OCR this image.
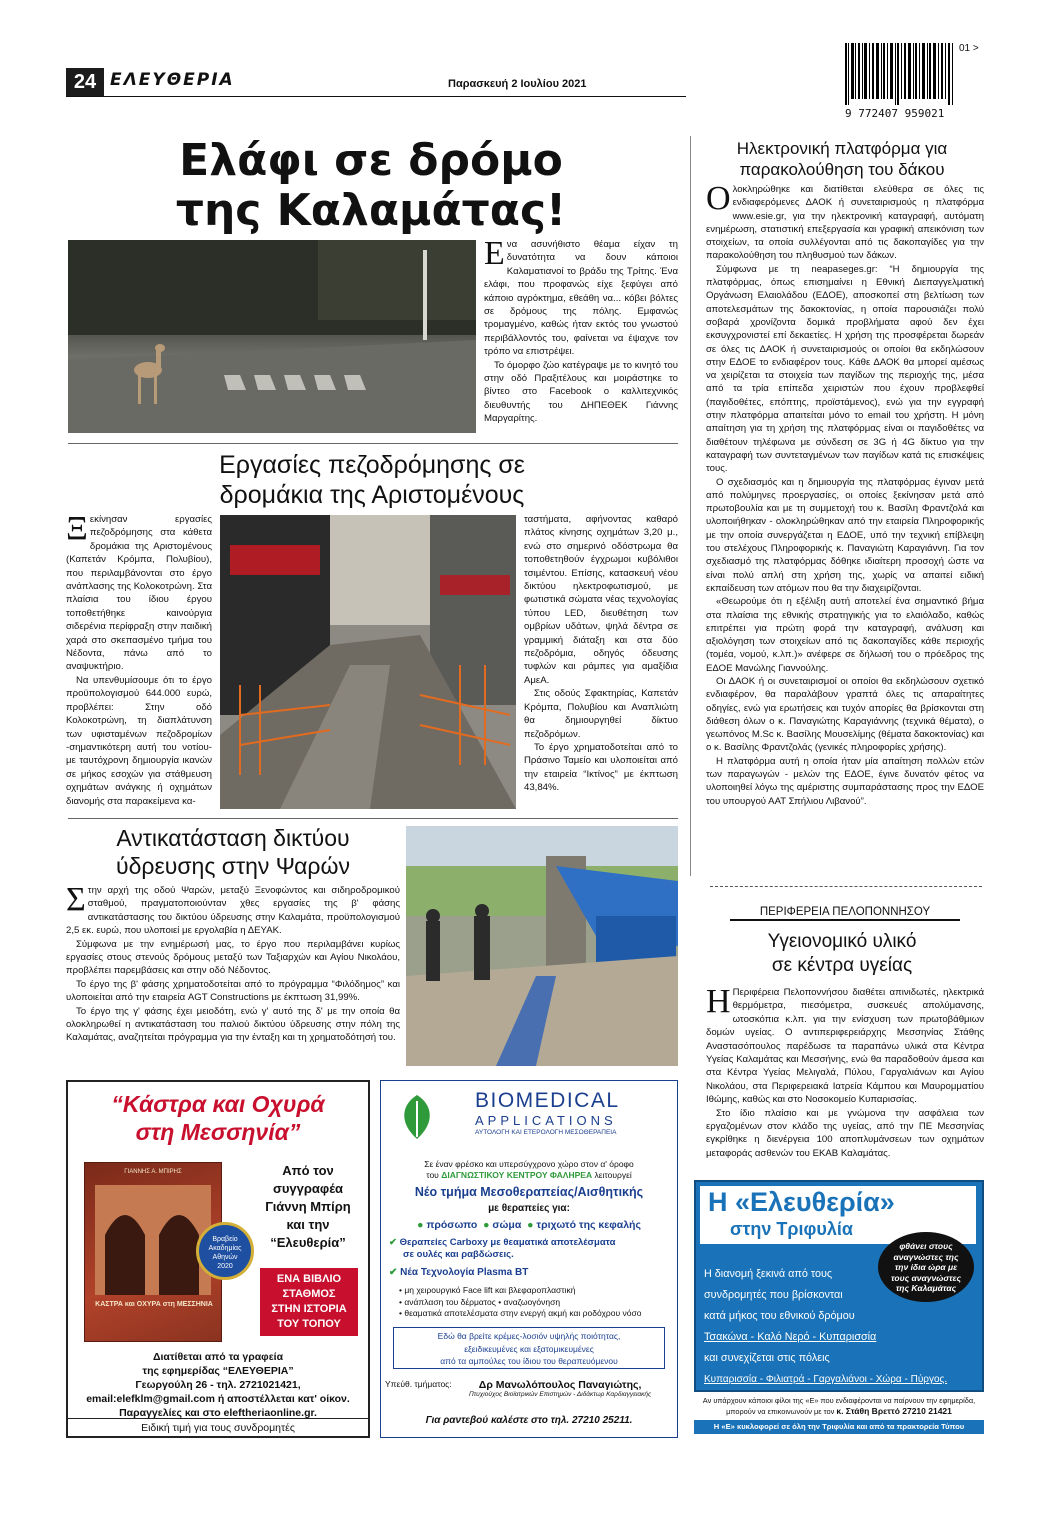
24 ΕΛΕΥΘΕΡΙΑ	Παρασκευή 2 Ιουλίου 2021
01 >
9 772407 959021
Ελάφι σε δρόμο
της Καλαμάτας!

Ενα ασυνήθιστο θέαμα είχαν τη δυνατότητα να δουν κάποιοι Καλαματιανοί το βράδυ της Τρίτης. Ένα ελάφι, που προφανώς είχε ξεφύγει από κάποιο αγρόκτημα, εθεάθη να... κόβει βόλτες σε δρόμους της πόλης. Εμφανώς τρομαγμένο, καθώς ήταν εκτός του γνωστού περιβάλλοντός του, φαίνεται να έψαχνε τον τρόπο να επιστρέψει.

Το όμορφο ζώο κατέγραψε με το κινητό του στην οδό Πραξιτέλους και μοιράστηκε το βίντεο στο Facebook ο καλλιτεχνικός διευθυντής του ΔΗΠΕΘΕΚ Γιάννης Μαργαρίτης.

Εργασίες πεζοδρόμησης σε
δρομάκια της Αριστομένους

Ξεκίνησαν εργασίες πεζοδρόμησης στα κάθετα δρομάκια της Αριστομένους (Καπετάν Κρόμπα, Πολυβίου), που περιλαμβάνονται στο έργο ανάπλασης της Κολοκοτρώνη. Στα πλαίσια του ίδιου έργου τοποθετήθηκε καινούργια σιδερένια περίφραξη στην παιδική χαρά στο σκεπασμένο τμήμα του Νέδοντα, πάνω από το αναψυκτήριο.

Να υπενθυμίσουμε ότι το έργο προϋπολογισμού 644.000 ευρώ, προβλέπει: Στην οδό Κολοκοτρώνη, τη διαπλάτυνση των υφισταμένων πεζοδρομίων -σημαντικότερη αυτή του νοτίου- με ταυτόχρονη δημιουργία ικανών σε μήκος εσοχών για στάθμευση οχημάτων ανάγκης ή οχημάτων διανομής στα παρακείμενα κα-

ταστήματα, αφήνοντας καθαρό πλάτος κίνησης οχημάτων 3,20 μ., ενώ στο σημερινό οδόστρωμα θα τοποθετηθούν έγχρωμοι κυβόλιθοι τσιμέντου. Επίσης, κατασκευή νέου δικτύου ηλεκτροφωτισμού, με φωτιστικά σώματα νέας τεχνολογίας τύπου LED, διευθέτηση των ομβρίων υδάτων, ψηλά δέντρα σε γραμμική διάταξη και στα δύο πεζοδρόμια, οδηγός όδευσης τυφλών και ράμπες για αμαξίδια ΑμεΑ.

Στις οδούς Σφακτηρίας, Καπετάν Κρόμπα, Πολυβίου και Αναπλιώτη θα δημιουργηθεί δίκτυο πεζοδρόμων.

Το έργο χρηματοδοτείται από το Πράσινο Ταμείο και υλοποιείται από την εταιρεία “Ικτίνος” με έκπτωση 43,84%.

Αντικατάσταση δικτύου
ύδρευσης στην Ψαρών

Στην αρχή της οδού Ψαρών, μεταξύ Ξενοφώντος και σιδηροδρομικού σταθμού, πραγματοποιούνταν χθες εργασίες της β' φάσης αντικατάστασης του δικτύου ύδρευσης στην Καλαμάτα, προϋπολογισμού 2,5 εκ. ευρώ, που υλοποιεί με εργολαβία η ΔΕΥΑΚ.

Σύμφωνα με την ενημέρωσή μας, το έργο που περιλαμβάνει κυρίως εργασίες στους στενούς δρόμους μεταξύ των Ταξιαρχών και Αγίου Νικολάου, προβλέπει παρεμβάσεις και στην οδό Νέδοντος.

Το έργο της β' φάσης χρηματοδοτείται από το πρόγραμμα “Φιλόδημος” και υλοποιείται από την εταιρεία AGT Constructions με έκπτωση 31,99%.

Το έργο της γ' φάσης έχει μειοδότη, ενώ γ' αυτό της δ' με την οποία θα ολοκληρωθεί η αντικατάσταση του παλιού δικτύου ύδρευσης στην πόλη της Καλαμάτας, αναζητείται πρόγραμμα για την ένταξη και τη χρηματοδότησή του.

Ηλεκτρονική πλατφόρμα για
παρακολούθηση του δάκου

Ολοκληρώθηκε και διατίθεται ελεύθερα σε όλες τις ενδιαφερόμενες ΔΑΟΚ ή συνεταιρισμούς η πλατφόρμα www.esie.gr, για την ηλεκτρονική καταγραφή, αυτόματη ενημέρωση, στατιστική επεξεργασία και γραφική απεικόνιση των στοιχείων, τα οποία συλλέγονται από τις δακοπαγίδες για την παρακολούθηση του πληθυσμού των δάκων.

Σύμφωνα με τη neapaseges.gr: “Η δημιουργία της πλατφόρμας, όπως επισημαίνει η Εθνική Διεπαγγελματική Οργάνωση Ελαιολάδου (ΕΔΟΕ), αποσκοπεί στη βελτίωση των αποτελεσμάτων της δακοκτονίας, η οποία παρουσιάζει πολύ σοβαρά χρονίζοντα δομικά προβλήματα αφού δεν έχει εκσυγχρονιστεί επί δεκαετίες. Η χρήση της προσφέρεται δωρεάν σε όλες τις ΔΑΟΚ ή συνεταιρισμούς οι οποίοι θα εκδηλώσουν στην ΕΔΟΕ το ενδιαφέρον τους. Κάθε ΔΑΟΚ θα μπορεί αμέσως να χειρίζεται τα στοιχεία των παγίδων της περιοχής της, μέσα από τα τρία επίπεδα χειριστών που έχουν προβλεφθεί (παγιδοθέτες, επόπτης, προϊστάμενος), ενώ για την εγγραφή στην πλατφόρμα απαιτείται μόνο το email του χρήστη. Η μόνη απαίτηση για τη χρήση της πλατφόρμας είναι οι παγιδοθέτες να διαθέτουν τηλέφωνα με σύνδεση σε 3G ή 4G δίκτυο για την καταγραφή των συντεταγμένων των παγίδων κατά τις επισκέψεις τους.

Ο σχεδιασμός και η δημιουργία της πλατφόρμας έγιναν μετά από πολύμηνες προεργασίες, οι οποίες ξεκίνησαν μετά από πρωτοβουλία και με τη συμμετοχή του κ. Βασίλη Φραντζολά και υλοποιήθηκαν - ολοκληρώθηκαν από την εταιρεία Πληροφορικής με την οποία συνεργάζεται η ΕΔΟΕ, υπό την τεχνική επίβλεψη του στελέχους Πληροφορικής κ. Παναγιώτη Καραγιάννη. Για τον σχεδιασμό της πλατφόρμας δόθηκε ιδιαίτερη προσοχή ώστε να είναι πολύ απλή στη χρήση της, χωρίς να απαιτεί ειδική εκπαίδευση των ατόμων που θα την διαχειρίζονται.

«Θεωρούμε ότι η εξέλιξη αυτή αποτελεί ένα σημαντικό βήμα στα πλαίσια της εθνικής στρατηγικής για το ελαιόλαδο, καθώς επιτρέπει για πρώτη φορά την καταγραφή, ανάλυση και αξιολόγηση των στοιχείων από τις δακοπαγίδες κάθε περιοχής (τομέα, νομού, κ.λπ.)» ανέφερε σε δήλωσή του ο πρόεδρος της ΕΔΟΕ Μανώλης Γιαννούλης.

Οι ΔΑΟΚ ή οι συνεταιρισμοί οι οποίοι θα εκδηλώσουν σχετικό ενδιαφέρον, θα παραλάβουν γραπτά όλες τις απαραίτητες οδηγίες, ενώ για ερωτήσεις και τυχόν απορίες θα βρίσκονται στη διάθεση όλων ο κ. Παναγιώτης Καραγιάννης (τεχνικά θέματα), ο γεωπόνος M.Sc κ. Βασίλης Μουσελίμης (θέματα δακοκτονίας) και ο κ. Βασίλης Φραντζολάς (γενικές πληροφορίες χρήσης).

Η πλατφόρμα αυτή η οποία ήταν μία απαίτηση πολλών ετών των παραγωγών - μελών της ΕΔΟΕ, έγινε δυνατόν φέτος να υλοποιηθεί λόγω της αμέριστης συμπαράστασης προς την ΕΔΟΕ του υπουργού ΑΑΤ Σπήλιου Λιβανού”.

ΠΕΡΙΦΕΡΕΙΑ ΠΕΛΟΠΟΝΝΗΣΟΥ
Υγειονομικό υλικό
σε κέντρα υγείας

Η Περιφέρεια Πελοποννήσου διαθέτει απινιδωτές, ηλεκτρικά θερμόμετρα, πιεσόμετρα, συσκευές απολύμανσης, ωτοσκόπια κ.λπ. για την ενίσχυση των πρωτοβάθμιων δομών υγείας. Ο αντιπεριφερειάρχης Μεσσηνίας Στάθης Αναστασόπουλος παρέδωσε τα παραπάνω υλικά στα Κέντρα Υγείας Καλαμάτας και Μεσσήνης, ενώ θα παραδοθούν άμεσα και στα Κέντρα Υγείας Μελιγαλά, Πύλου, Γαργαλιάνων και Αγίου Νικολάου, στα Περιφερειακά Ιατρεία Κάμπου και Μαυρομματίου Ιθώμης, καθώς και στο Νοσοκομείο Κυπαρισσίας.

Στο ίδιο πλαίσιο και με γνώμονα την ασφάλεια των εργαζομένων στον κλάδο της υγείας, από την ΠΕ Μεσσηνίας εγκρίθηκε η διενέργεια 100 αποπλυμάνσεων των οχημάτων μεταφοράς ασθενών του ΕΚΑΒ Καλαμάτας.

“Κάστρα και Οχυρά
στη Μεσσηνία”
ΓΙΑΝΝΗΣ Α. ΜΠΙΡΗΣ
ΚΑΣΤΡΑ και ΟΧΥΡΑ στη ΜΕΣΣΗΝΙΑ
Βραβείο
Ακαδημίας
Αθηνών
2020
Από τον
συγγραφέα
Γιάννη Μπίρη
και την
“Ελευθερία”
ΕΝΑ ΒΙΒΛΙΟ
ΣΤΑΘΜΟΣ
ΣΤΗΝ ΙΣΤΟΡΙΑ
ΤΟΥ ΤΟΠΟΥ
Διατίθεται από τα γραφεία
της εφημερίδας “ΕΛΕΥΘΕΡΙΑ”
Γεωργούλη 26 - τηλ. 2721021421,
email:elefklm@gmail.com ή αποστέλλεται κατ' οίκον.
Παραγγελίες και στο eleftheriaonline.gr.
Ειδική τιμή για τους συνδρομητές
BIOMEDICAL
APPLICATIONS
ΑΥΤΟΛΟΓΗ ΚΑΙ ΕΤΕΡΟΛΟΓΗ ΜΕΣΟΘΕΡΑΠΕΙΑ
Σε έναν φρέσκο και υπερσύγχρονο χώρο στον α' όροφο
του ΔΙΑΓΝΩΣΤΙΚΟΥ ΚΕΝΤΡΟΥ ΦΑΛΗΡΕΑ λειτουργεί
Νέο τμήμα Μεσοθεραπείας/Αισθητικής
με θεραπείες για:
● πρόσωπο ● σώμα ● τριχωτό της κεφαλής
✔ Θεραπείες Carboxy με θεαματικά αποτελέσματα
σε ουλές και ραβδώσεις.
✔ Νέα Τεχνολογία Plasma BT
• μη χειρουργικό Face lift και βλεφαροπλαστική
• ανάπλαση του δέρματος • αναζωογόνηση
• θεαματικά αποτελέσματα στην ενεργή ακμή και ροδόχρου νόσο
Εδώ θα βρείτε κρέμες-λοσιόν υψηλής ποιότητας,
εξειδικευμένες και εξατομικευμένες
από τα αμπούλες του ίδιου του θεραπευόμενου
$^{\Upsilon\pi\varepsilon ύ\theta. \tau\mu ή\mu\alpha\tau o\varsigma:}$	Δρ Μανωλόπουλος Παναγιώτης,
Πτυχιούχος Βιοϊατρικών Επιστημών - Διδάκτωρ Καρδιαγγειακής
Για ραντεβού καλέστε στο τηλ. 27210 25211.
Η «Ελευθερία»
στην Τριφυλία
φθάνει στους
αναγνώστες της
την ίδια ώρα με
τους αναγνώστες
της Καλαμάτας
Η διανομή ξεκινά από τους
συνδρομητές που βρίσκονται
κατά μήκος του εθνικού δρόμου
Τσακώνα - Καλό Νερό - Κυπαρισσία
και συνεχίζεται στις πόλεις
Κυπαρισσία - Φιλιατρά - Γαργαλιάνοι - Χώρα - Πύργος.
Αν υπάρχουν κάποιοι φίλοι της «Ε» που ενδιαφέρονται να παίρνουν την εφημερίδα,
μπορούν να επικοινωνούν με τον κ. Στάθη Βρεττό 27210 21421
Η «Ε» κυκλοφορεί σε όλη την Τριφυλία και από τα πρακτορεία Τύπου
